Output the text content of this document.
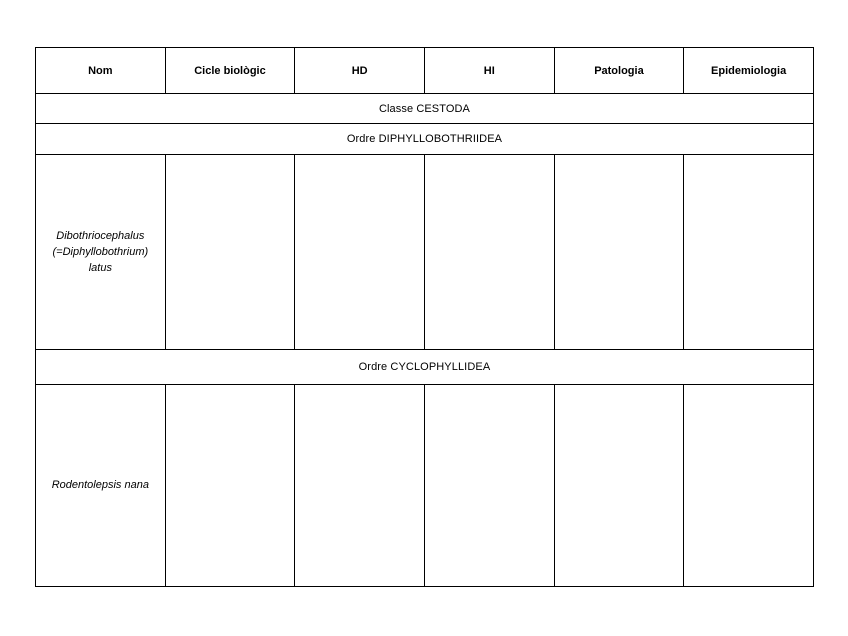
Nom	Cicle biològic	HD	HI	Patologia	Epidemiologia
Classe CESTODA					
Ordre DIPHYLLOBOTHRIIDEA					

Dibothriocephalus
(=Diphyllobothrium)
latus					

Ordre CYCLOPHYLLIDEA					
Rodentolepsis nana					
